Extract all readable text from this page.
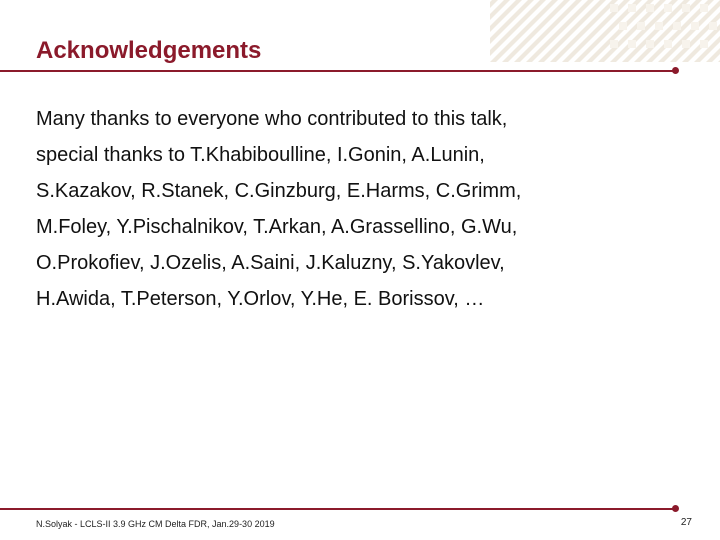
Acknowledgements
Many thanks to everyone who contributed to this talk,
special thanks to T.Khabiboulline, I.Gonin, A.Lunin,
S.Kazakov, R.Stanek, C.Ginzburg, E.Harms, C.Grimm,
M.Foley, Y.Pischalnikov, T.Arkan, A.Grassellino, G.Wu,
O.Prokofiev, J.Ozelis, A.Saini, J.Kaluzny, S.Yakovlev,
H.Awida, T.Peterson, Y.Orlov, Y.He, E. Borissov, …
N.Solyak - LCLS-II 3.9 GHz CM Delta FDR, Jan.29-30 2019	27
